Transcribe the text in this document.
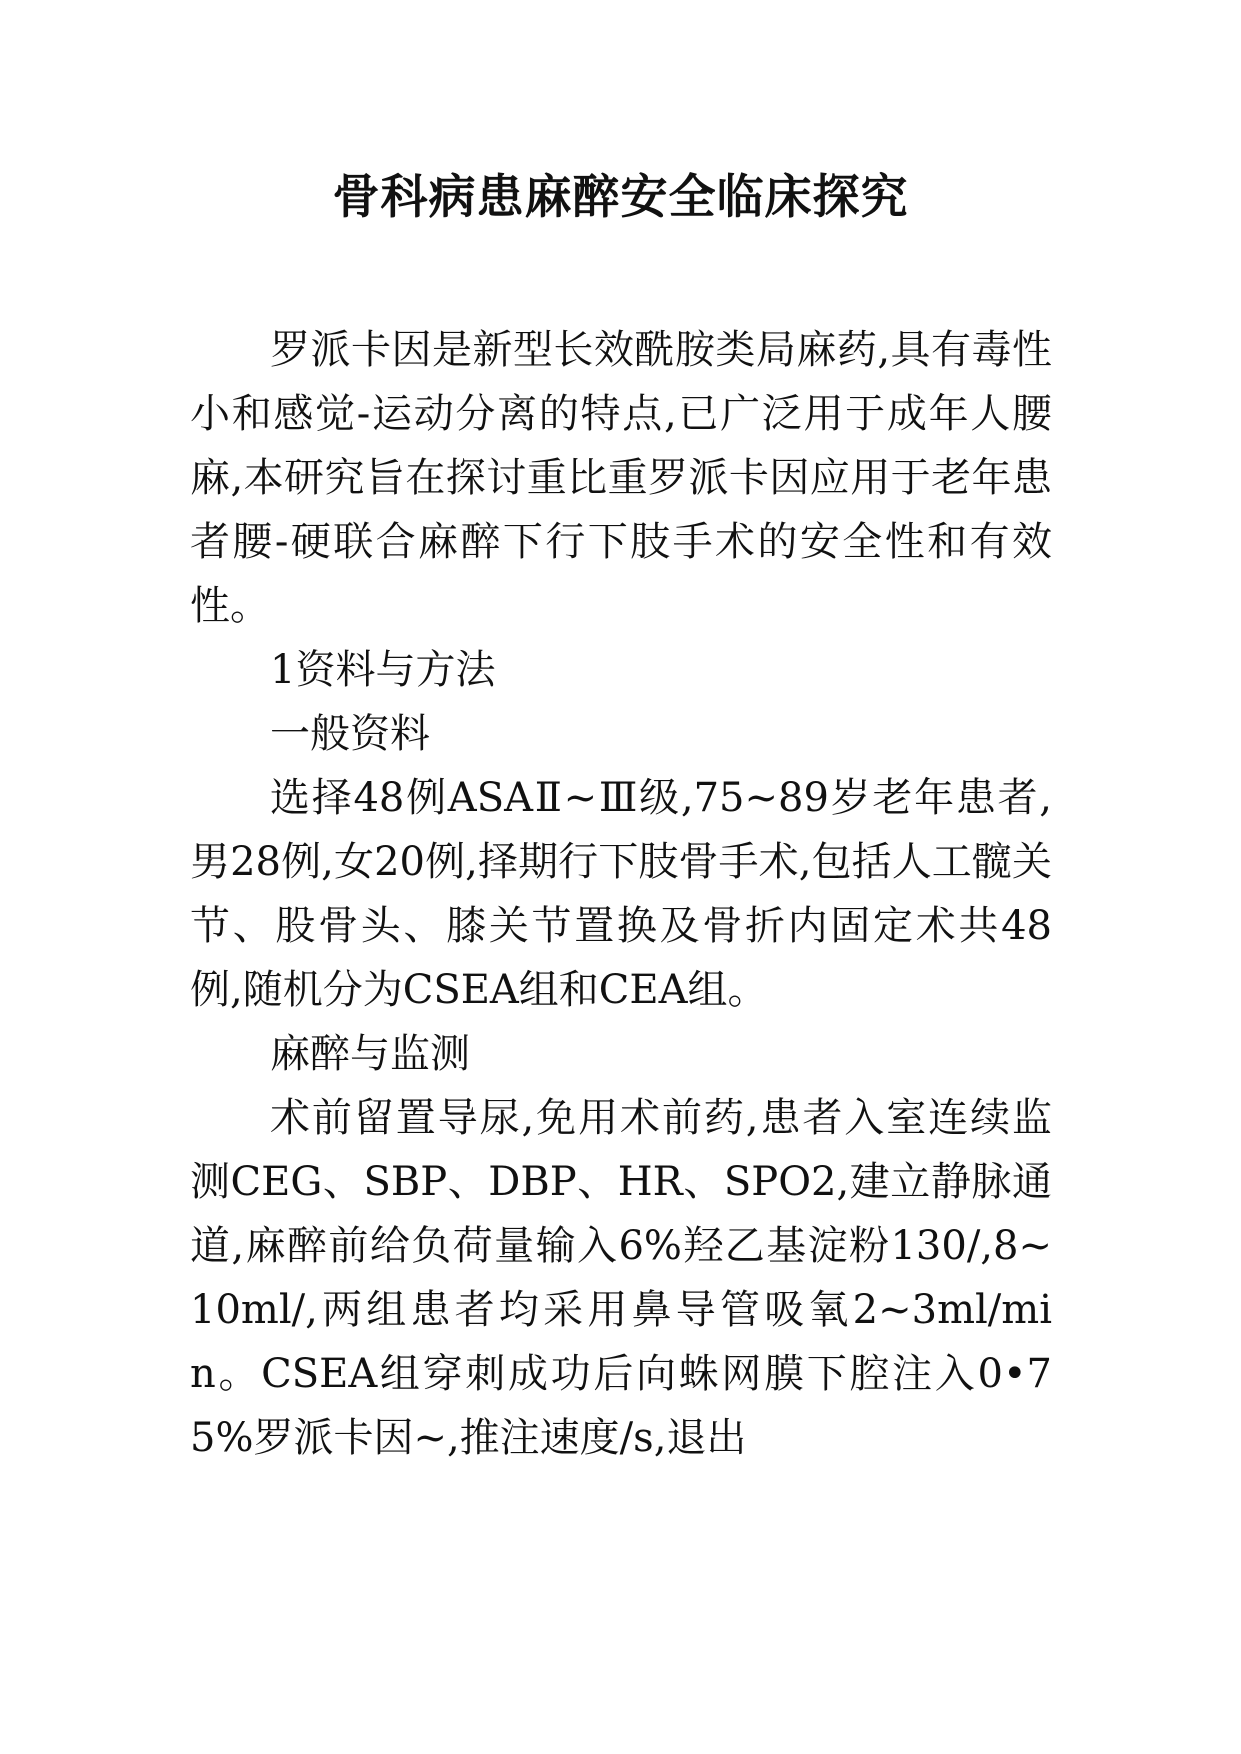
骨科病患麻醉安全临床探究

罗派卡因是新型长效酰胺类局麻药,具有毒性小和感觉-运动分离的特点,已广泛用于成年人腰麻,本研究旨在探讨重比重罗派卡因应用于老年患者腰-硬联合麻醉下行下肢手术的安全性和有效性。

1资料与方法

一般资料

选择48例ASAⅡ~Ⅲ级,75~89岁老年患者,男28例,女20例,择期行下肢骨手术,包括人工髋关节、股骨头、膝关节置换及骨折内固定术共48例,随机分为CSEA组和CEA组。

麻醉与监测

术前留置导尿,免用术前药,患者入室连续监测CEG、SBP、DBP、HR、SPO2,建立静脉通道,麻醉前给负荷量输入6%羟乙基淀粉130/,8~10ml/,两组患者均采用鼻导管吸氧2~3ml/min。CSEA组穿刺成功后向蛛网膜下腔注入0•75%罗派卡因~,推注速度/s,退出
